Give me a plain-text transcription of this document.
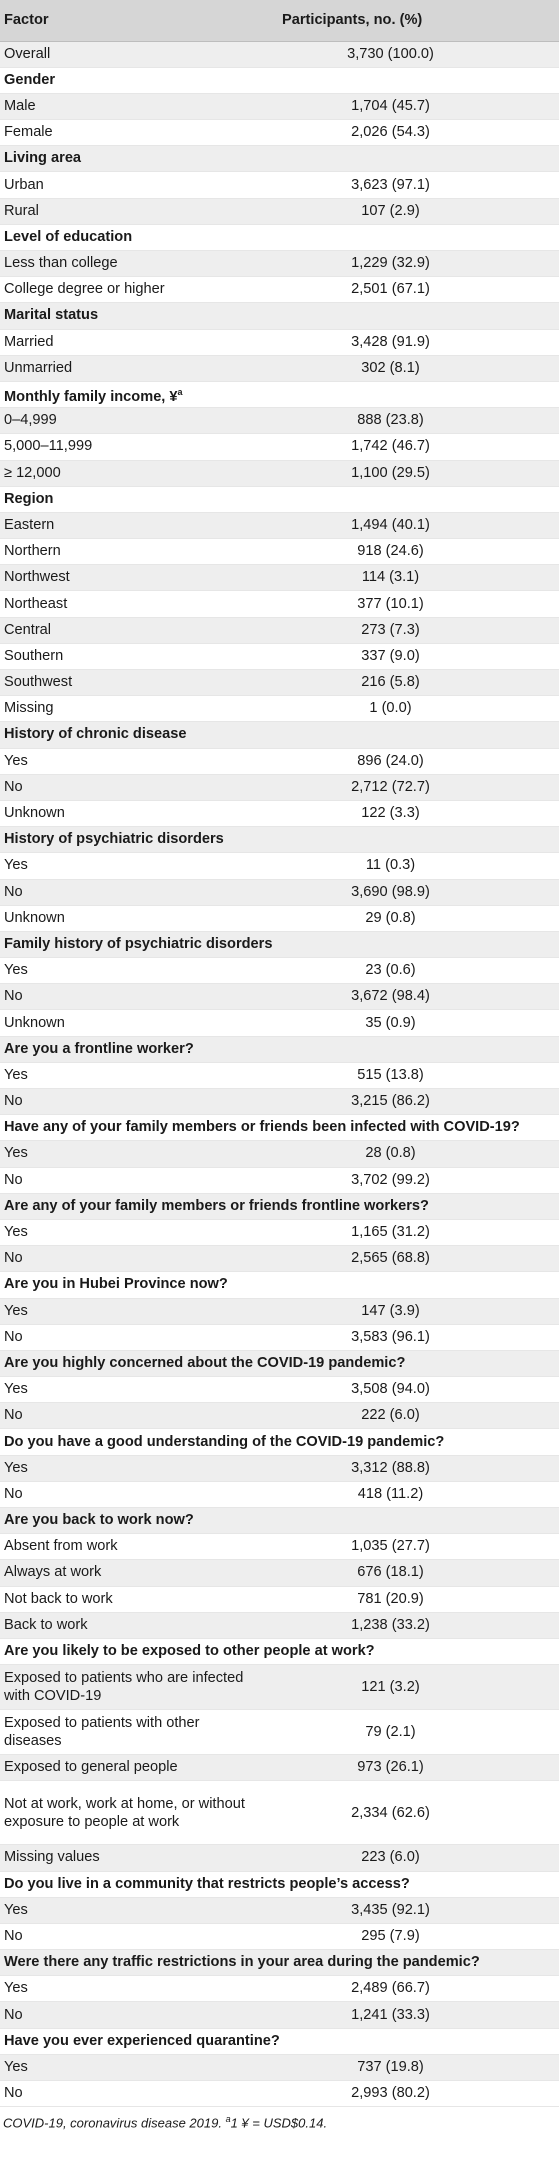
Factor	Participants, no. (%)
Overall	3,730 (100.0)
Gender	
Male	1,704 (45.7)
Female	2,026 (54.3)
Living area	
Urban	3,623 (97.1)
Rural	107 (2.9)
Level of education	
Less than college	1,229 (32.9)
College degree or higher	2,501 (67.1)
Marital status	
Married	3,428 (91.9)
Unmarried	302 (8.1)
Monthly family income, ¥$^a$
0–4,999	888 (23.8)
5,000–11,999	1,742 (46.7)
≥ 12,000	1,100 (29.5)
Region	
Eastern	1,494 (40.1)
Northern	918 (24.6)
Northwest	114 (3.1)
Northeast	377 (10.1)
Central	273 (7.3)
Southern	337 (9.0)
Southwest	216 (5.8)
Missing	1 (0.0)
History of chronic disease	
Yes	896 (24.0)
No	2,712 (72.7)
Unknown	122 (3.3)
History of psychiatric disorders	
Yes	11 (0.3)
No	3,690 (98.9)
Unknown	29 (0.8)
Family history of psychiatric disorders	
Yes	23 (0.6)
No	3,672 (98.4)
Unknown	35 (0.9)
Are you a frontline worker?	
Yes	515 (13.8)
No	3,215 (86.2)
Have any of your family members or friends been infected with COVID-19?	
Yes	28 (0.8)
No	3,702 (99.2)
Are any of your family members or friends frontline workers?	
Yes	1,165 (31.2)
No	2,565 (68.8)
Are you in Hubei Province now?	
Yes	147 (3.9)
No	3,583 (96.1)
Are you highly concerned about the COVID-19 pandemic?	
Yes	3,508 (94.0)
No	222 (6.0)
Do you have a good understanding of the COVID-19 pandemic?	
Yes	3,312 (88.8)
No	418 (11.2)
Are you back to work now?	
Absent from work	1,035 (27.7)
Always at work	676 (18.1)
Not back to work	781 (20.9)
Back to work	1,238 (33.2)
Are you likely to be exposed to other people at work?	
Exposed to patients who are infected with COVID-19	121 (3.2)
Exposed to patients with other diseases	79 (2.1)
Exposed to general people	973 (26.1)
Not at work, work at home, or without exposure to people at work	2,334 (62.6)
Missing values	223 (6.0)
Do you live in a community that restricts people’s access?	
Yes	3,435 (92.1)
No	295 (7.9)
Were there any traffic restrictions in your area during the pandemic?	
Yes	2,489 (66.7)
No	1,241 (33.3)
Have you ever experienced quarantine?	
Yes	737 (19.8)
No	2,993 (80.2)
COVID-19, coronavirus disease 2019. $^a$1 ¥ = USD$0.14.
